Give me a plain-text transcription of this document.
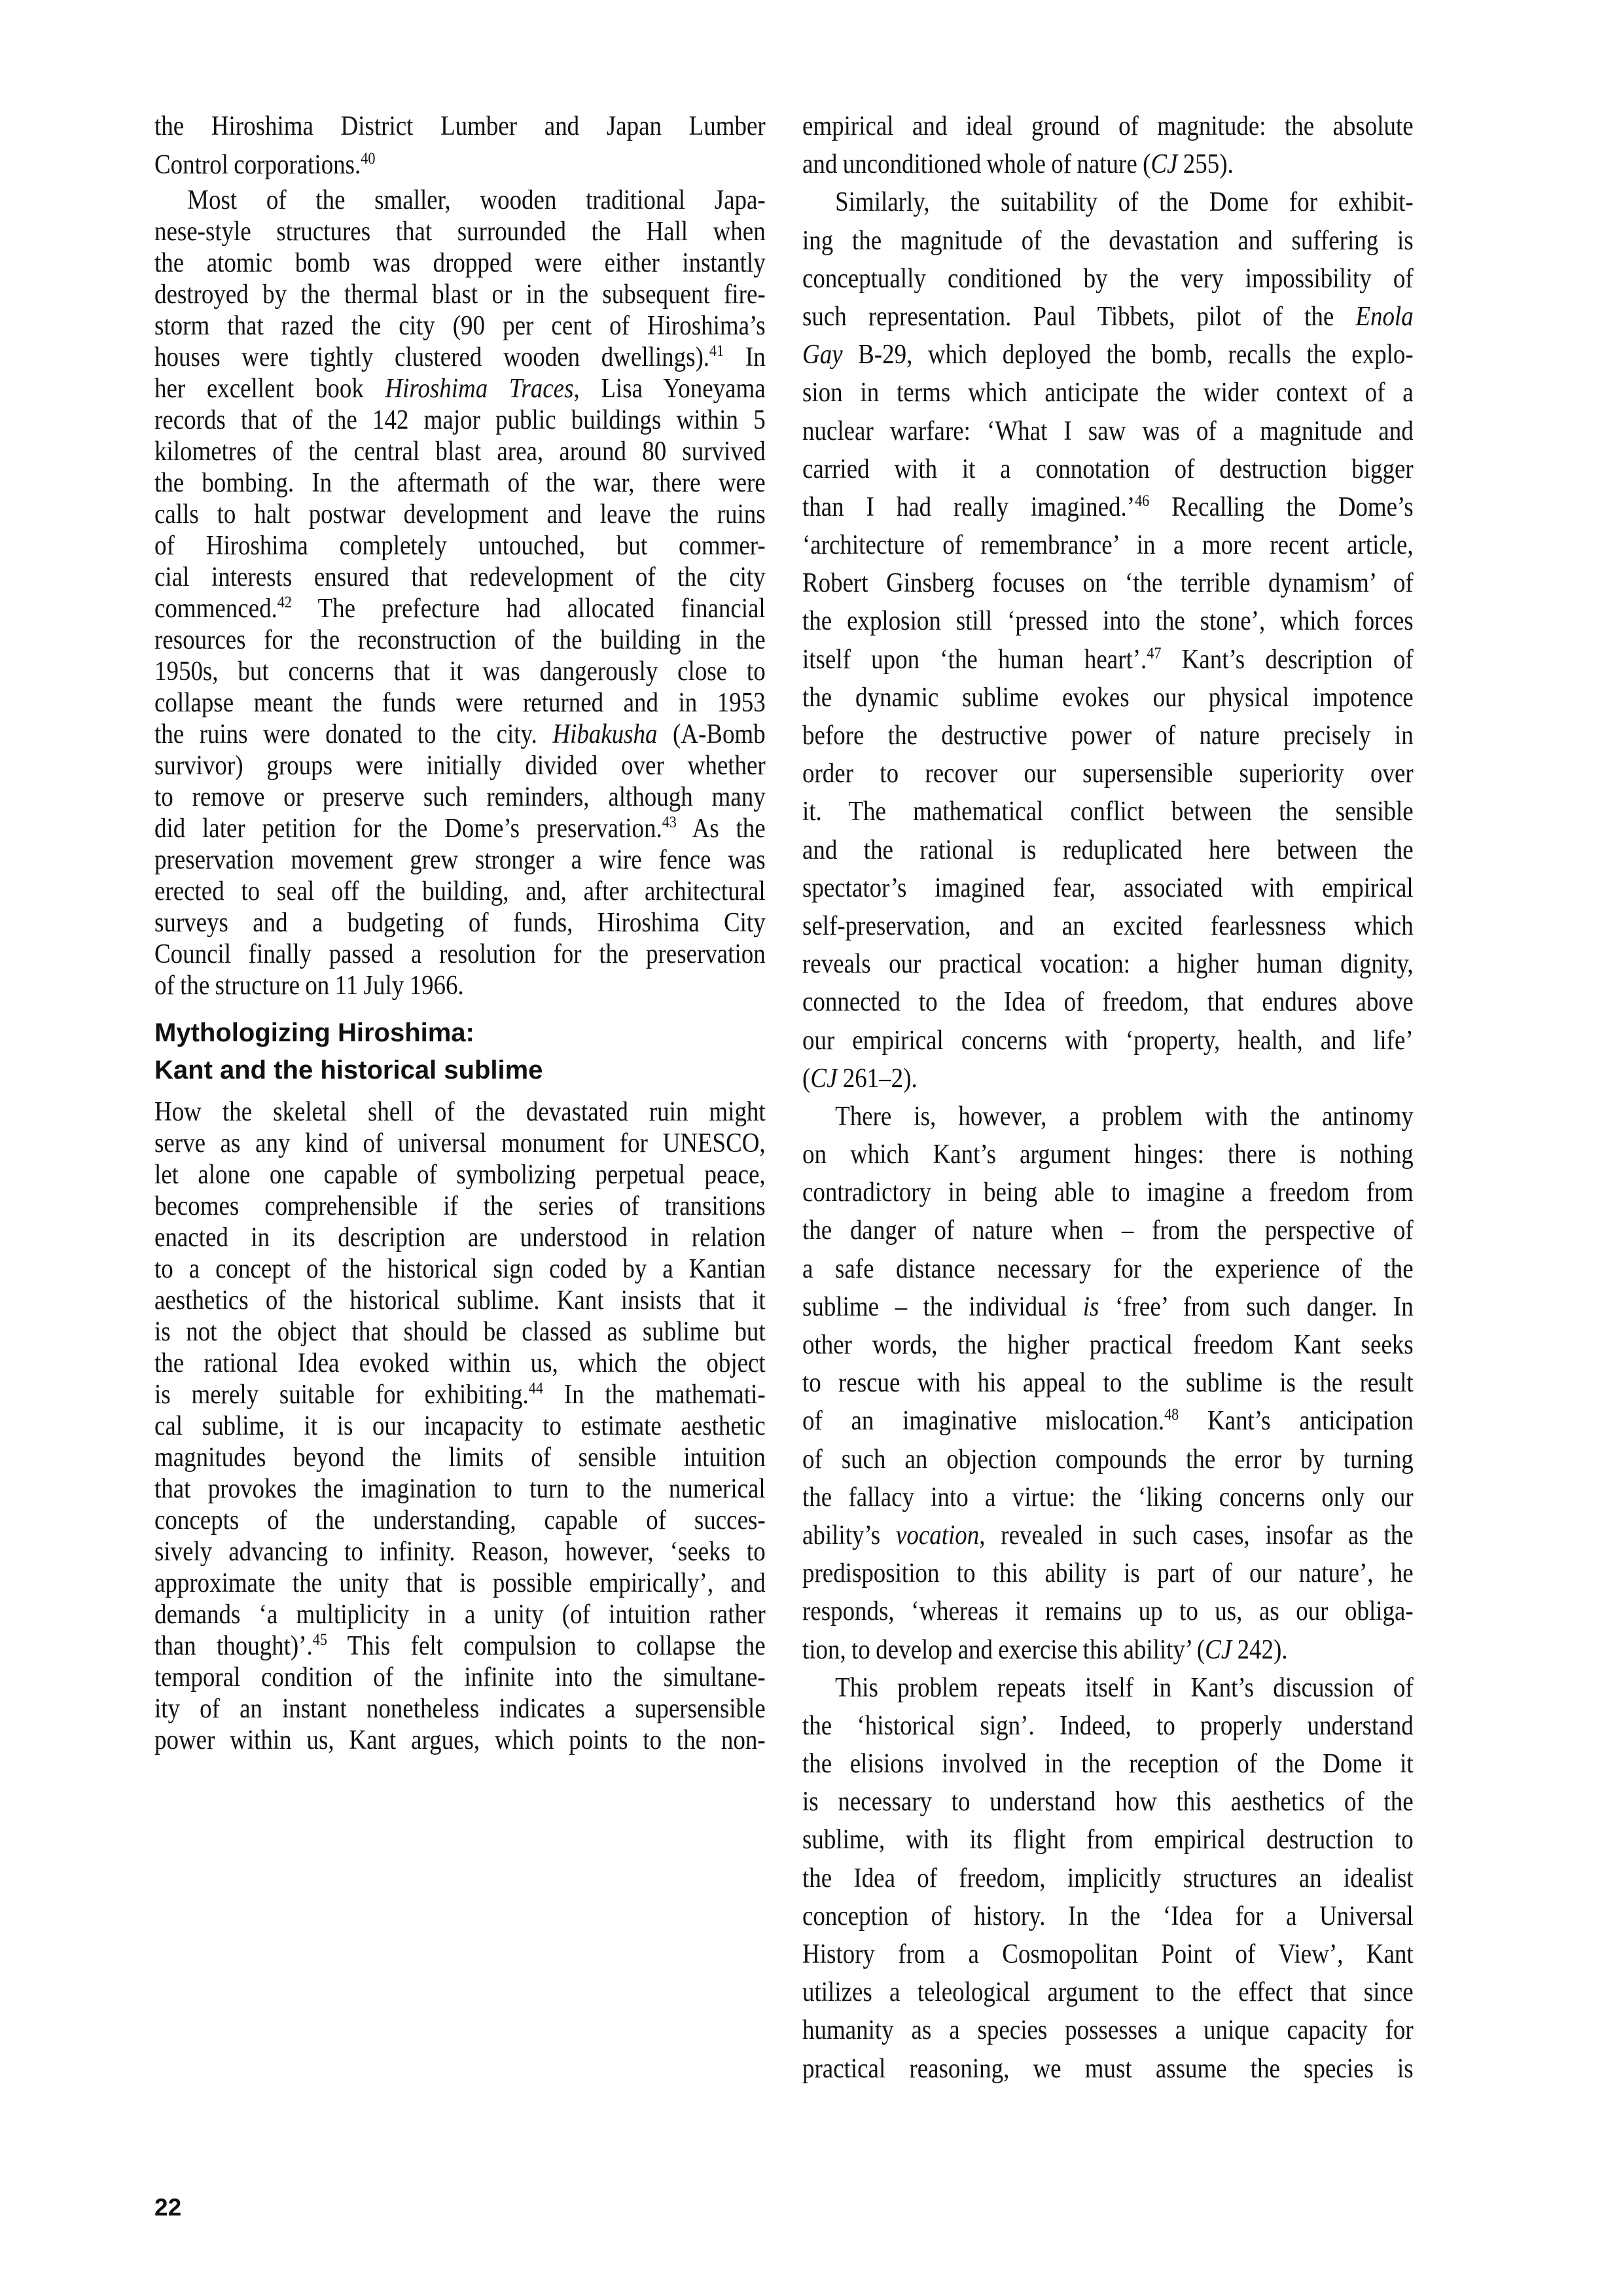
the Hiroshima District Lumber and Japan Lumber
Control corporations.$^{40}$
Most of the smaller, wooden traditional Japa-
nese-style structures that surrounded the Hall when
the atomic bomb was dropped were either instantly
destroyed by the thermal blast or in the subsequent fire-
storm that razed the city (90 per cent of Hiroshima’s
houses were tightly clustered wooden dwellings).$^{41}$ In
her excellent book Hiroshima Traces, Lisa Yoneyama
records that of the 142 major public buildings within 5
kilometres of the central blast area, around 80 survived
the bombing. In the aftermath of the war, there were
calls to halt postwar development and leave the ruins
of Hiroshima completely untouched, but commer-
cial interests ensured that redevelopment of the city
commenced.$^{42}$ The prefecture had allocated financial
resources for the reconstruction of the building in the
1950s, but concerns that it was dangerously close to
collapse meant the funds were returned and in 1953
the ruins were donated to the city. Hibakusha (A-Bomb
survivor) groups were initially divided over whether
to remove or preserve such reminders, although many
did later petition for the Dome’s preservation.$^{43}$ As the
preservation movement grew stronger a wire fence was
erected to seal off the building, and, after architectural
surveys and a budgeting of funds, Hiroshima City
Council finally passed a resolution for the preservation
of the structure on 11 July 1966.
Mythologizing Hiroshima:
Kant and the historical sublime
How the skeletal shell of the devastated ruin might
serve as any kind of universal monument for UNESCO,
let alone one capable of symbolizing perpetual peace,
becomes comprehensible if the series of transitions
enacted in its description are understood in relation
to a concept of the historical sign coded by a Kantian
aesthetics of the historical sublime. Kant insists that it
is not the object that should be classed as sublime but
the rational Idea evoked within us, which the object
is merely suitable for exhibiting.$^{44}$ In the mathemati-
cal sublime, it is our incapacity to estimate aesthetic
magnitudes beyond the limits of sensible intuition
that provokes the imagination to turn to the numerical
concepts of the understanding, capable of succes-
sively advancing to infinity. Reason, however, ‘seeks to
approximate the unity that is possible empirically’, and
demands ‘a multiplicity in a unity (of intuition rather
than thought)’.$^{45}$ This felt compulsion to collapse the
temporal condition of the infinite into the simultane-
ity of an instant nonetheless indicates a supersensible
power within us, Kant argues, which points to the non-
empirical and ideal ground of magnitude: the absolute
and unconditioned whole of nature (CJ 255).
Similarly, the suitability of the Dome for exhibit-
ing the magnitude of the devastation and suffering is
conceptually conditioned by the very impossibility of
such representation. Paul Tibbets, pilot of the Enola
Gay B-29, which deployed the bomb, recalls the explo-
sion in terms which anticipate the wider context of a
nuclear warfare: ‘What I saw was of a magnitude and
carried with it a connotation of destruction bigger
than I had really imagined.’$^{46}$ Recalling the Dome’s
‘architecture of remembrance’ in a more recent article,
Robert Ginsberg focuses on ‘the terrible dynamism’ of
the explosion still ‘pressed into the stone’, which forces
itself upon ‘the human heart’.$^{47}$ Kant’s description of
the dynamic sublime evokes our physical impotence
before the destructive power of nature precisely in
order to recover our supersensible superiority over
it. The mathematical conflict between the sensible
and the rational is reduplicated here between the
spectator’s imagined fear, associated with empirical
self-preservation, and an excited fearlessness which
reveals our practical vocation: a higher human dignity,
connected to the Idea of freedom, that endures above
our empirical concerns with ‘property, health, and life’
(CJ 261–2).
There is, however, a problem with the antinomy
on which Kant’s argument hinges: there is nothing
contradictory in being able to imagine a freedom from
the danger of nature when – from the perspective of
a safe distance necessary for the experience of the
sublime – the individual is ‘free’ from such danger. In
other words, the higher practical freedom Kant seeks
to rescue with his appeal to the sublime is the result
of an imaginative mislocation.$^{48}$ Kant’s anticipation
of such an objection compounds the error by turning
the fallacy into a virtue: the ‘liking concerns only our
ability’s vocation, revealed in such cases, insofar as the
predisposition to this ability is part of our nature’, he
responds, ‘whereas it remains up to us, as our obliga-
tion, to develop and exercise this ability’ (CJ 242).
This problem repeats itself in Kant’s discussion of
the ‘historical sign’. Indeed, to properly understand
the elisions involved in the reception of the Dome it
is necessary to understand how this aesthetics of the
sublime, with its flight from empirical destruction to
the Idea of freedom, implicitly structures an idealist
conception of history. In the ‘Idea for a Universal
History from a Cosmopolitan Point of View’, Kant
utilizes a teleological argument to the effect that since
humanity as a species possesses a unique capacity for
practical reasoning, we must assume the species is
22
